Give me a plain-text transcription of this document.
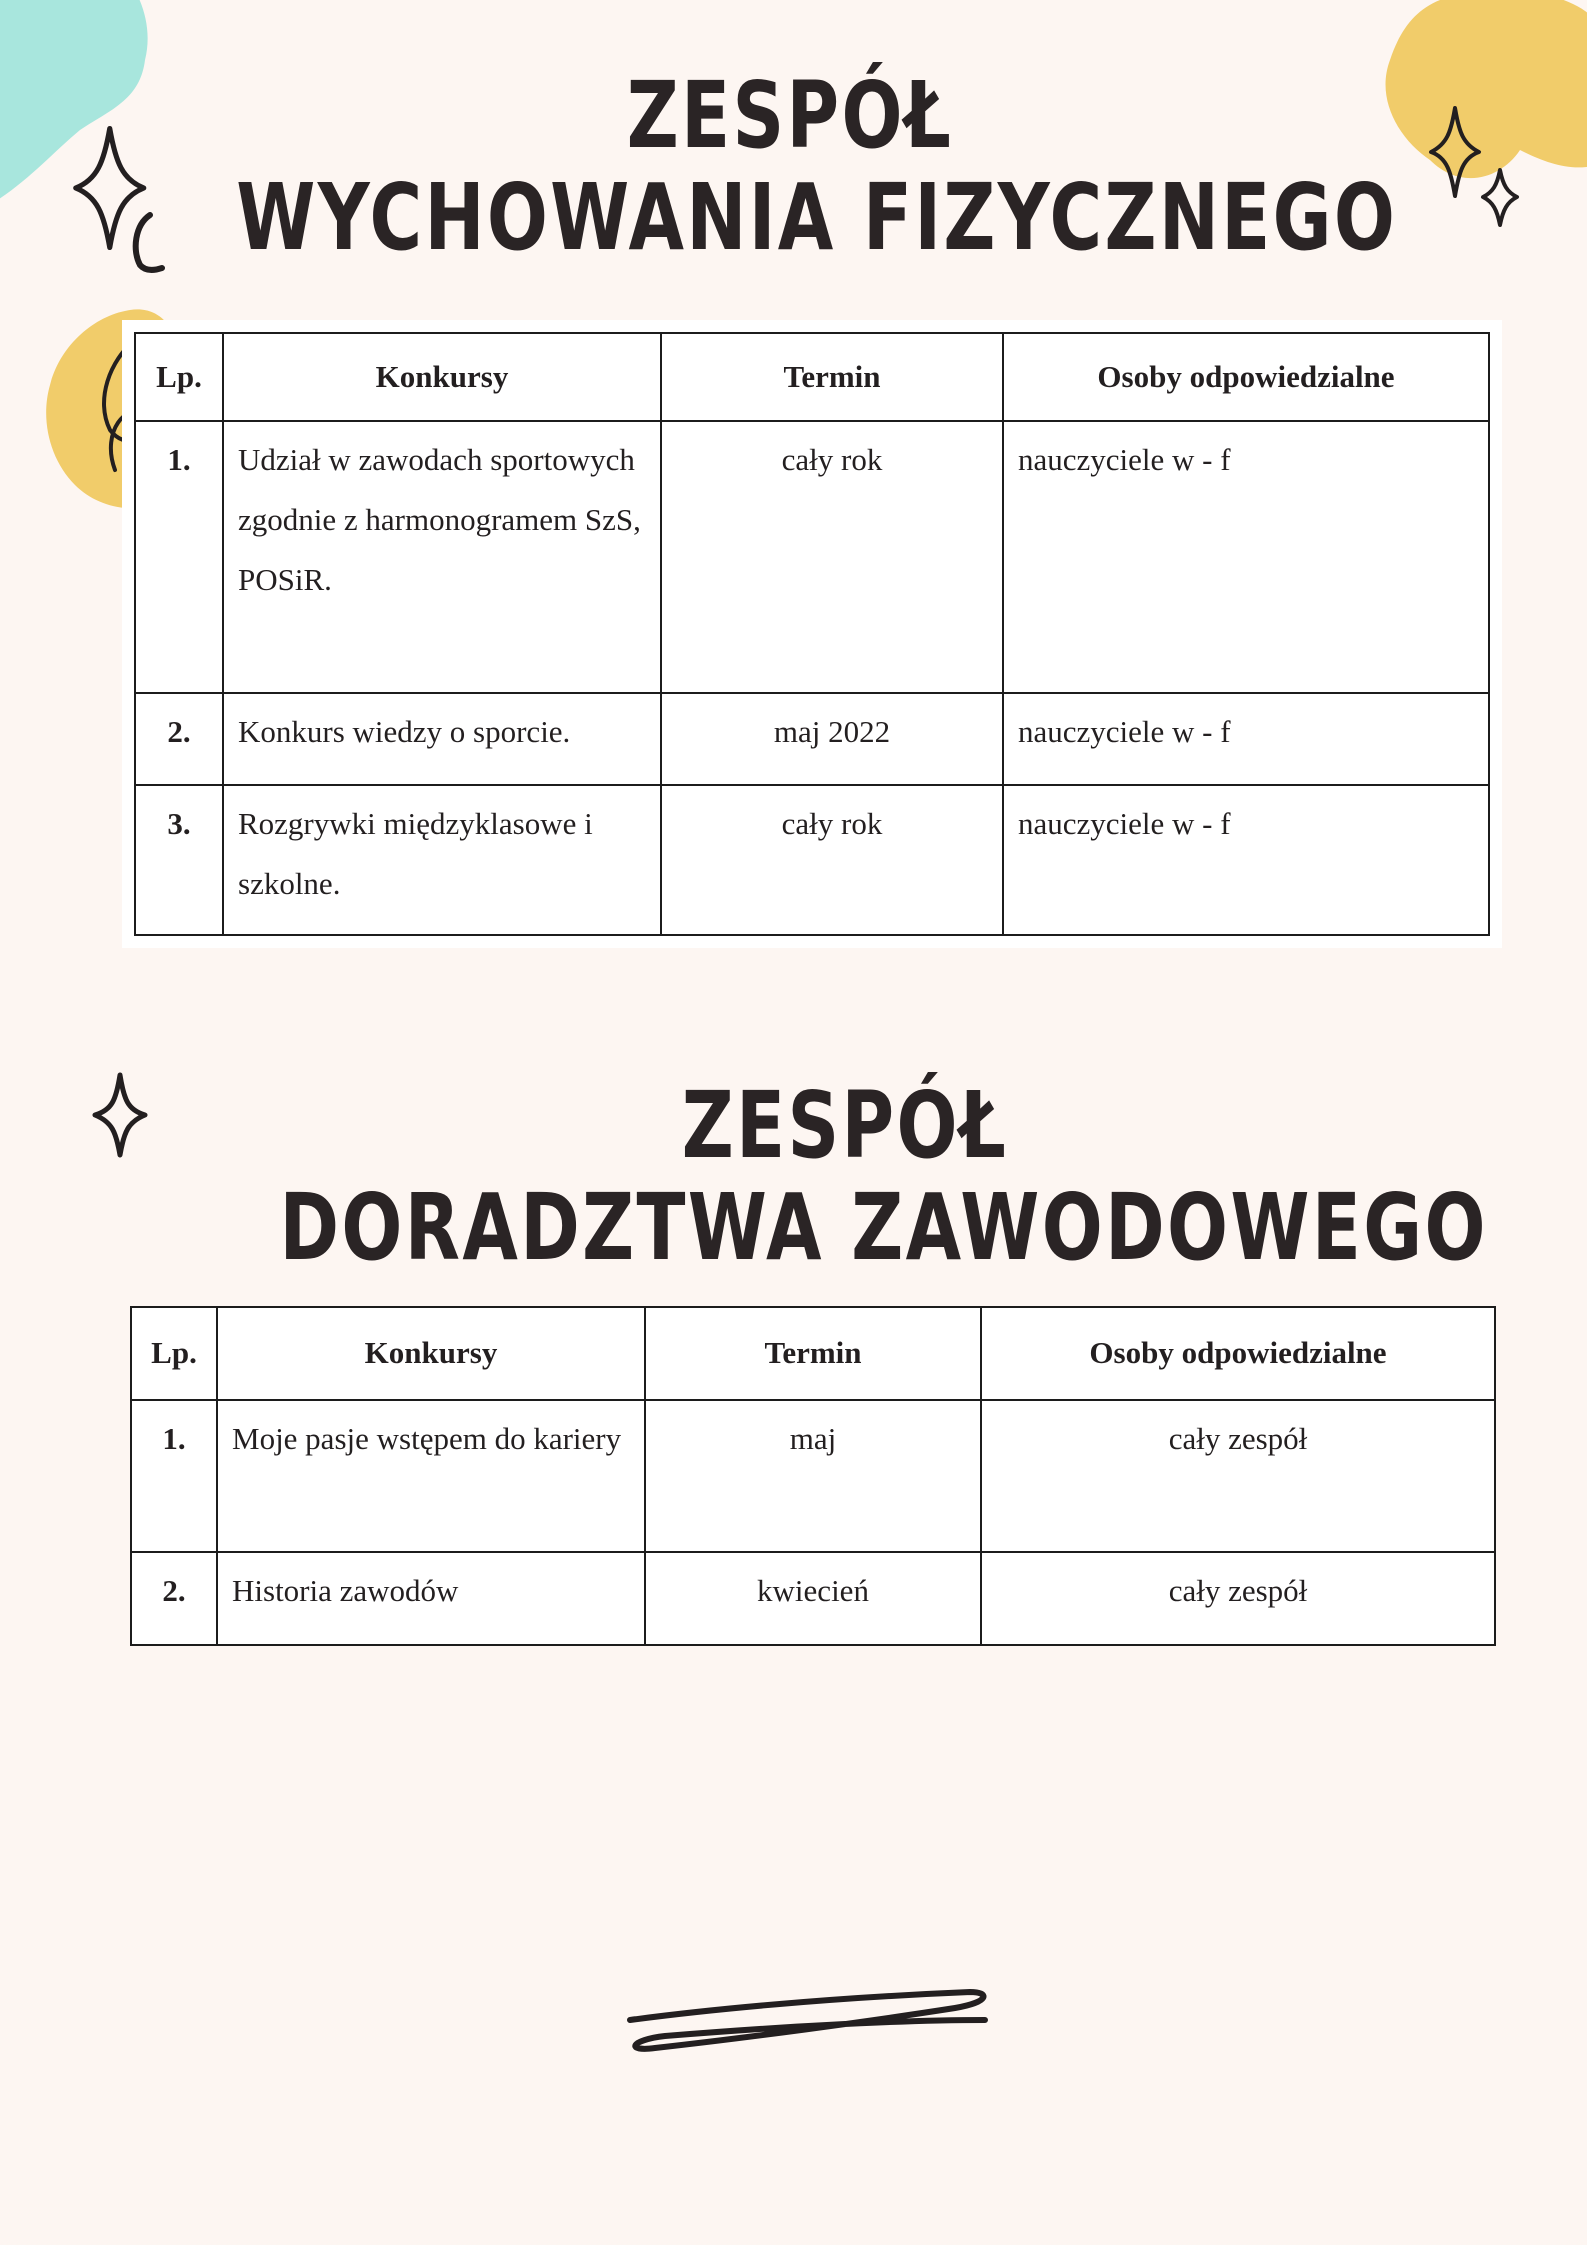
ZESPÓŁ
WYCHOWANIA FIZYCZNEGO
Lp.	Konkursy	Termin	Osoby odpowiedzialne
1.	Udział w zawodach sportowych zgodnie z harmonogramem SzS, POSiR.	cały rok	nauczyciele w - f
2.	Konkurs wiedzy o sporcie.	maj 2022	nauczyciele w - f
3.	Rozgrywki międzyklasowe i szkolne.	cały rok	nauczyciele w - f
ZESPÓŁ
DORADZTWA ZAWODOWEGO
Lp.	Konkursy	Termin	Osoby odpowiedzialne
1.	Moje pasje wstępem do kariery	maj	cały zespół
2.	Historia zawodów	kwiecień	cały zespół
